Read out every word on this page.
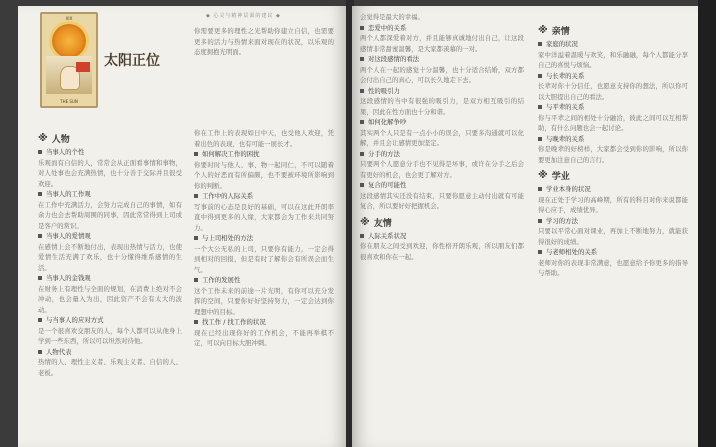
XIX
THE SUN
太阳正位
◆ 心灵与精神层面的建议 ◆

你需要更多的理性之光帮助你建立自信，也需要更多的活力与热情来面对现在的状况，以乐观的态度拥抱光明面。

你在工作上的表现如日中天，也受他人欢迎，凭着出色的表现，也有可能一展长才。

如何解决工作的困扰

你要时时与他人、事、物一起同仁，不可以随着个人的好恶而有所偏颇，也不要被环境所影响到你的判断。

工作中的人际关系

写事前的心态是良好的基础，可以在这此开朗率直中得到更多的人缘，大家都会为工作来共同努力。

与上司相处的方法

一个大公无私的上司，只要你有能力，一定会得到相对的回报，但是有时了解你会有所误会而生气。

工作的发展性

这个工作未来的前途一片光明，有你可以充分发挥的空间，只要你好好坚持努力，一定会达到你理想中的目标。

找工作 / 找工作的状况

现在已经出现你好的工作机会，不能再举棋不定，可以向目标大胆冲刺。

※ 人物

当事人的个性

乐观而有自信的人，常常会从正面看事情和事物，对人处事也会充满热情，也十分善于交际并且很受欢迎。

当事人的工作观

在工作中充满活力，会努力完成自己的事情，如有余力也会去帮助周围的同事，因此常常得到上司或是客户的赏识。

当事人的爱情观

在感情上会不断地付出，表现出热情与活力，也使爱情生活充满了欢乐，也十分懂得维系感情的生活。

当事人的金钱观

在财务上有理性与全面的规划，在消费上绝对不会冲动，也会量入为出，因此资产不会有太大的波动。

与当事人的应对方式

是一个很喜欢交朋友的人，每个人都可以从他身上学到一些东西，所以可以坦然对待他。

人物代表

热情的人、理性主义者、乐观主义者、自信的人、老板。

会觉得是最大的幸福。

恋爱中的关系

两个人都深爱着对方，并且能够真诚地付出自己，让这段感情非常甜蜜温馨，是大家都羡慕的一对。

对这段感情的看法

两个人在一起的感觉十分温馨，也十分适合结婚，双方都会付出自己的真心，可以长久地走下去。

性的吸引力

这段感情的当中有很强的吸引力，是双方相互吸引的结果，因此在性方面也十分和谐。

如何化解争吵

其实两个人只是有一点小小的误会，只要多沟通就可以化解，并且会让感情更加坚定。

分手的方法

只要两个人愿意分手也不见得是坏事，或许在分手之后会有更好的机会，也会更了解对方。

复合的可能性

这段感情其实还没有结束，只要你愿意主动付出就有可能复合，所以要好好把握机会。

※ 友情

人际关系状况

你在朋友之间受到欢迎，你性格开朗乐观，所以朋友们都很喜欢和你在一起。

※ 亲情

家庭的状况

家中洋溢着温暖与欢笑，和乐融融，每个人都能分享自己的喜悦与烦恼。

与长辈的关系

长辈对你十分信任，也愿意支持你的想法，所以你可以大胆提出自己的看法。

与平辈的关系

你与平辈之间的相处十分融洽，彼此之间可以互相帮助，有什么问题也会一起讨论。

与晚辈的关系

你是晚辈的好榜样，大家都会受到你的影响，所以你要更加注意自己的言行。

※ 学业

学业本身的状况

现在正处于学习的高峰期，所有的科目对你来说都能得心应手，成绩优异。

学习的方法

只要以平常心面对课业，再加上不断地努力，就能获得很好的成绩。

与老师相处的关系

老师对你的表现非常满意，也愿意给予你更多的指导与帮助。
